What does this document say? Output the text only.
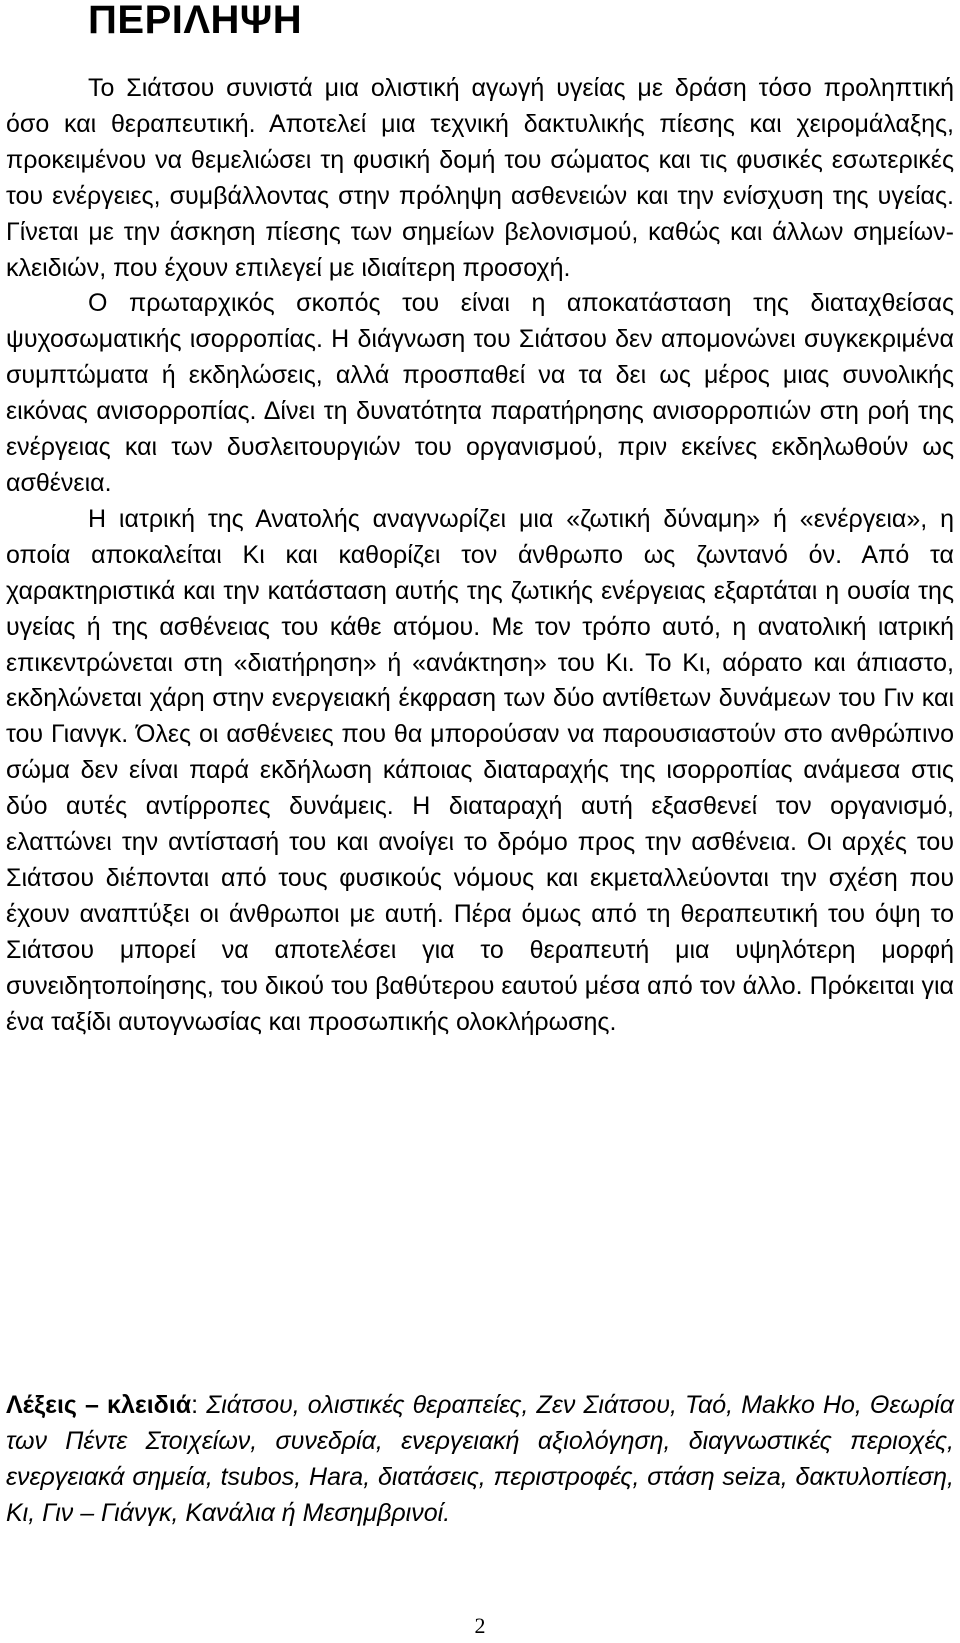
ΠΕΡΙΛΗΨΗ

Το Σιάτσου συνιστά μια ολιστική αγωγή υγείας με δράση τόσο προληπτική όσο και θεραπευτική. Αποτελεί μια τεχνική δακτυλικής πίεσης και χειρομάλαξης, προκειμένου να θεμελιώσει τη φυσική δομή του σώματος και τις φυσικές εσωτερικές του ενέργειες, συμβάλλοντας στην πρόληψη ασθενειών και την ενίσχυση της υγείας. Γίνεται με την άσκηση πίεσης των σημείων βελονισμού, καθώς και άλλων σημείων-κλειδιών, που έχουν επιλεγεί με ιδιαίτερη προσοχή.

Ο πρωταρχικός σκοπός του είναι η αποκατάσταση της διαταχθείσας ψυχοσωματικής ισορροπίας. Η διάγνωση του Σιάτσου δεν απομονώνει συγκεκριμένα συμπτώματα ή εκδηλώσεις, αλλά προσπαθεί να τα δει ως μέρος μιας συνολικής εικόνας ανισορροπίας. Δίνει τη δυνατότητα παρατήρησης ανισορροπιών στη ροή της ενέργειας και των δυσλειτουργιών του οργανισμού, πριν εκείνες εκδηλωθούν ως ασθένεια.

Η ιατρική της Ανατολής αναγνωρίζει μια «ζωτική δύναμη» ή «ενέργεια», η οποία αποκαλείται Κι και καθορίζει τον άνθρωπο ως ζωντανό όν. Από τα χαρακτηριστικά και την κατάσταση αυτής της ζωτικής ενέργειας εξαρτάται η ουσία της υγείας ή της ασθένειας του κάθε ατόμου. Με τον τρόπο αυτό, η ανατολική ιατρική επικεντρώνεται στη «διατήρηση» ή «ανάκτηση» του Κι. Το Κι, αόρατο και άπιαστο, εκδηλώνεται χάρη στην ενεργειακή έκφραση των δύο αντίθετων δυνάμεων του Γιν και του Γιανγκ. Όλες οι ασθένειες που θα μπορούσαν να παρουσιαστούν στο ανθρώπινο σώμα δεν είναι παρά εκδήλωση κάποιας διαταραχής της ισορροπίας ανάμεσα στις δύο αυτές αντίρροπες δυνάμεις. Η διαταραχή αυτή εξασθενεί τον οργανισμό, ελαττώνει την αντίστασή του και ανοίγει το δρόμο προς την ασθένεια. Οι αρχές του Σιάτσου διέπονται από τους φυσικούς νόμους και εκμεταλλεύονται την σχέση που έχουν αναπτύξει οι άνθρωποι με αυτή. Πέρα όμως από τη θεραπευτική του όψη το Σιάτσου μπορεί να αποτελέσει για το θεραπευτή μια υψηλότερη μορφή συνειδητοποίησης, του δικού του βαθύτερου εαυτού μέσα από τον άλλο. Πρόκειται για ένα ταξίδι αυτογνωσίας και προσωπικής ολοκλήρωσης.

Λέξεις – κλειδιά: Σιάτσου, ολιστικές θεραπείες, Ζεν Σιάτσου, Ταό, Makko Ho, Θεωρία των Πέντε Στοιχείων, συνεδρία, ενεργειακή αξιολόγηση, διαγνωστικές περιοχές, ενεργειακά σημεία, tsubos, Hara, διατάσεις, περιστροφές, στάση seiza, δακτυλοπίεση, Κι, Γιν – Γιάνγκ, Κανάλια ή Μεσημβρινοί.

2
